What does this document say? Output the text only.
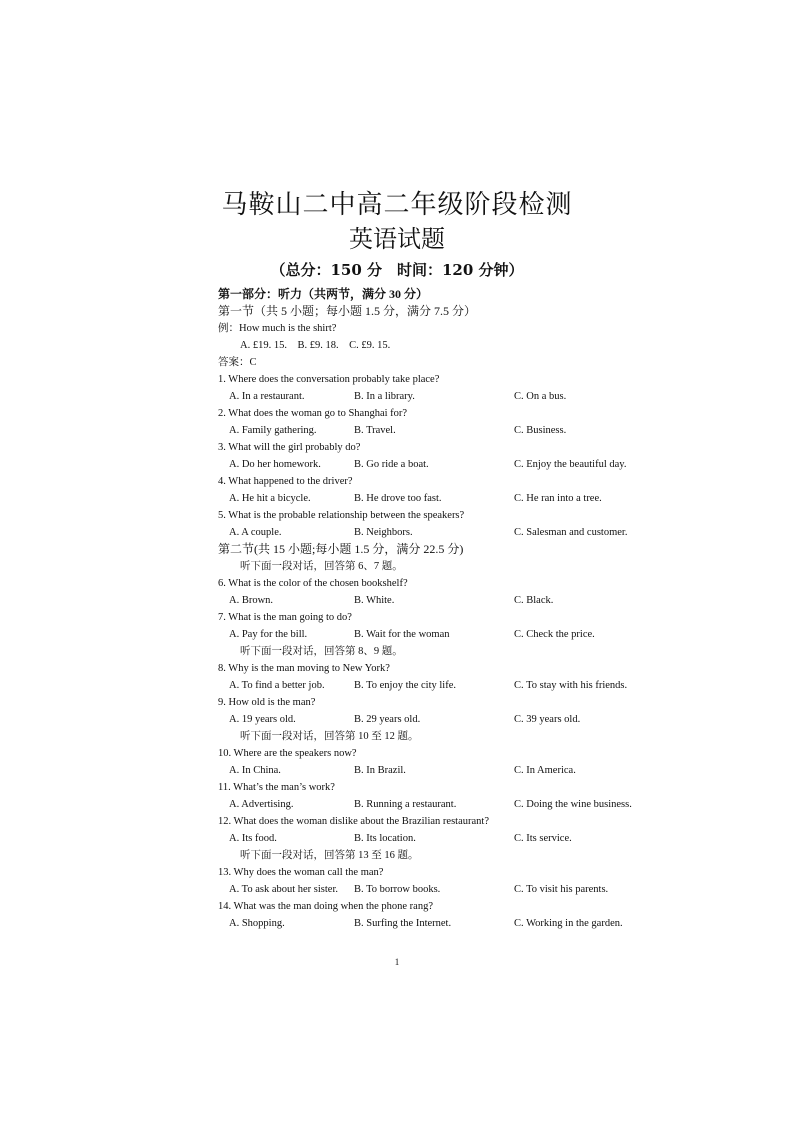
马鞍山二中高二年级阶段检测
英语试题
（总分：150 分　时间：120 分钟）
第一部分：听力（共两节，满分 30 分）
第一节（共 5 小题；每小题 1.5 分，满分 7.5 分）
例：How much is the shirt?
A. £19. 15.　B. £9. 18.　C. £9. 15.
答案：C
1. Where does the conversation probably take place?
A. In a restaurant.	B. In a library.	C. On a bus.
2. What does the woman go to Shanghai for?
A. Family gathering.	B. Travel.	C. Business.
3. What will the girl probably do?
A. Do her homework.	B. Go ride a boat.	C. Enjoy the beautiful day.
4. What happened to the driver?
A. He hit a bicycle.	B. He drove too fast.	C. He ran into a tree.
5. What is the probable relationship between the speakers?
A. A couple.	B. Neighbors.	C. Salesman and customer.
第二节(共 15 小题;每小题 1.5 分，满分 22.5 分)
听下面一段对话，回答第 6、7 题。
6. What is the color of the chosen bookshelf?
A. Brown.	B. White.	C. Black.
7. What is the man going to do?
A. Pay for the bill.	B. Wait for the woman	C. Check the price.
听下面一段对话，回答第 8、9 题。
8. Why is the man moving to New York?
A. To find a better job.	B. To enjoy the city life.	C. To stay with his friends.
9. How old is the man?
A. 19 years old.	B. 29 years old.	C. 39 years old.
听下面一段对话，回答第 10 至 12 题。
10. Where are the speakers now?
A. In China.	B. In Brazil.	C. In America.
11. What’s the man’s work?
A. Advertising.	B. Running a restaurant.	C. Doing the wine business.
12. What does the woman dislike about the Brazilian restaurant?
A. Its food.	B. Its location.	C. Its service.
听下面一段对话，回答第 13 至 16 题。
13. Why does the woman call the man?
A. To ask about her sister. B. To borrow books.	C. To visit his parents.
14. What was the man doing when the phone rang?
A. Shopping.	B. Surfing the Internet.	C. Working in the garden.
1
